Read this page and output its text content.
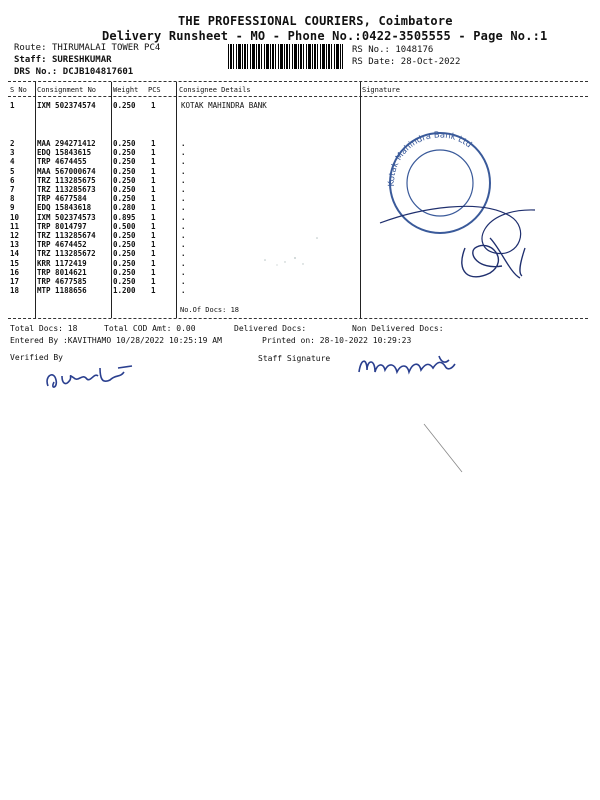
THE PROFESSIONAL COURIERS, Coimbatore
Delivery Runsheet - MO - Phone No.:0422-3505555 - Page No.:1
Route: THIRUMALAI TOWER PC4
Staff: SURESHKUMAR
DRS No.: DCJB104817601
RS No.: 1048176
RS Date: 28-Oct-2022
S No Consignment No Weight PCS	Consignee Details	Signature
1	IXM 502374574 0.250 1	KOTAK MAHINDRA BANK
2	MAA 294271412 0.250 1	.
3	EDQ 15843615	0.250 1	.
4	TRP 4674455	0.250 1	.
5	MAA 567000674 0.250 1	.
6	TRZ 113285675 0.250 1	.
7	TRZ 113285673 0.250 1	.
8	TRP 4677584	0.250 1	.
9	EDQ 15843618	0.280 1	.
10 IXM 502374573 0.895 1	.
11 TRP 8014797	0.500 1	.
12 TRZ 113285674 0.250 1	.
13 TRP 4674452	0.250 1	.
14 TRZ 113285672 0.250 1	.
15 KRR 1172419	0.250 1	.
16 TRP 8014621	0.250 1	.
17 TRP 4677585	0.250 1	.
18 MTP 1188656	1.200 1	.
No.Of Docs: 18
Kotak Mahindra Bank Ltd
Total Docs: 18	Total COD Amt: 0.00	Delivered Docs:	Non Delivered Docs:
Entered By :KAVITHAMO 10/28/2022 10:25:19 AM	Printed on: 28-10-2022 10:29:23
Verified By	Staff Signature
